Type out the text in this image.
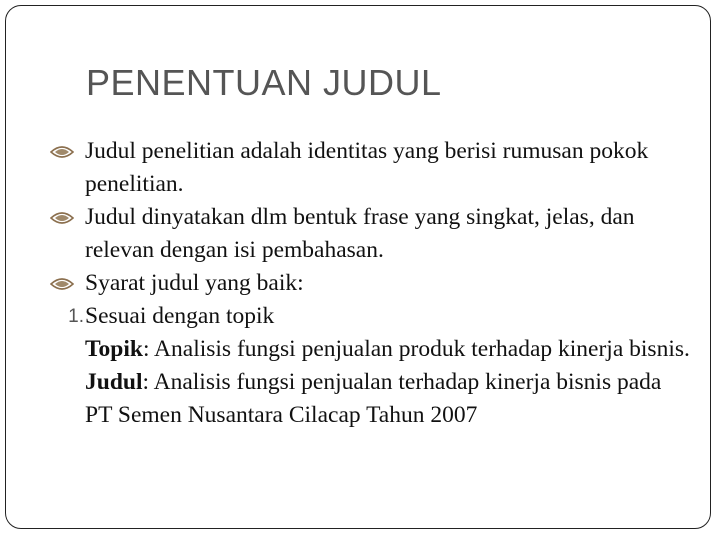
PENENTUAN JUDUL
Judul penelitian adalah identitas yang berisi rumusan pokok penelitian.
Judul dinyatakan dlm bentuk frase yang singkat, jelas, dan relevan dengan isi pembahasan.
Syarat judul yang baik:
1. Sesuai dengan topik
Topik: Analisis fungsi penjualan produk terhadap kinerja bisnis.
Judul: Analisis fungsi penjualan terhadap kinerja bisnis pada PT Semen Nusantara Cilacap Tahun 2007
